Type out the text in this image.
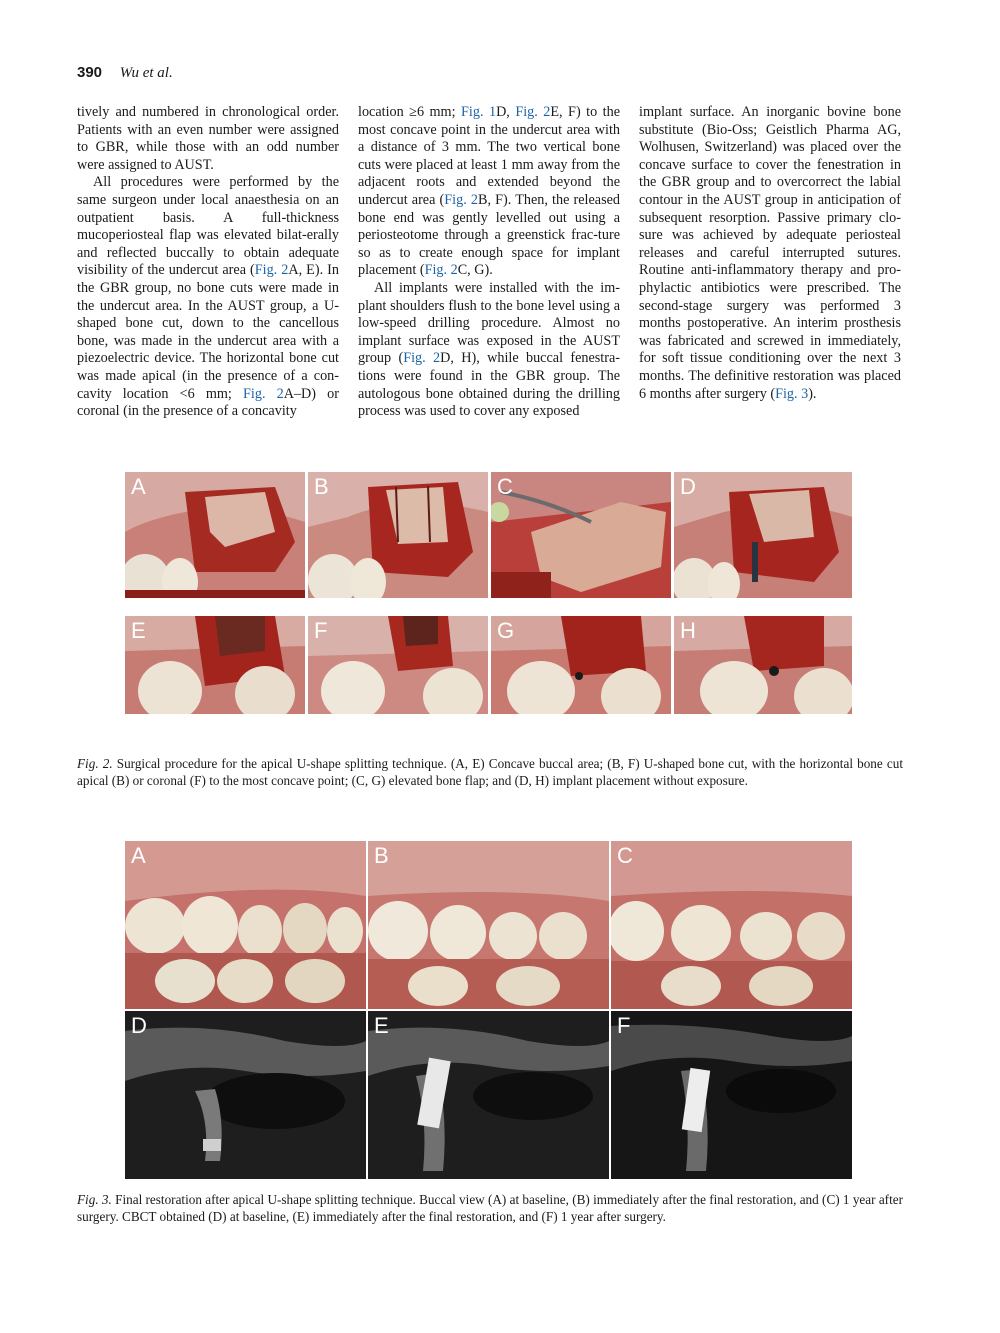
390 Wu et al.

tively and numbered in chronological order. Patients with an even number were assigned to GBR, while those with an odd number were assigned to AUST.

All procedures were performed by the same surgeon under local anaesthesia on an outpatient basis. A full-thickness mucoperiosteal flap was elevated bilat-erally and reflected buccally to obtain adequate visibility of the undercut area (Fig. 2A, E). In the GBR group, no bone cuts were made in the undercut area. In the AUST group, a U-shaped bone cut, down to the cancellous bone, was made in the undercut area with a piezoelectric device. The horizontal bone cut was made apical (in the presence of a con-cavity location <6 mm; Fig. 2A–D) or coronal (in the presence of a concavity

location ≥6 mm; Fig. 1D, Fig. 2E, F) to the most concave point in the undercut area with a distance of 3 mm. The two vertical bone cuts were placed at least 1 mm away from the adjacent roots and extended beyond the undercut area (Fig. 2B, F). Then, the released bone end was gently levelled out using a periosteotome through a greenstick frac-ture so as to create enough space for implant placement (Fig. 2C, G).

All implants were installed with the im-plant shoulders flush to the bone level using a low-speed drilling procedure. Almost no implant surface was exposed in the AUST group (Fig. 2D, H), while buccal fenestra-tions were found in the GBR group. The autologous bone obtained during the drilling process was used to cover any exposed

implant surface. An inorganic bovine bone substitute (Bio-Oss; Geistlich Pharma AG, Wolhusen, Switzerland) was placed over the concave surface to cover the fenestration in the GBR group and to overcorrect the labial contour in the AUST group in anticipation of subsequent resorption. Passive primary clo-sure was achieved by adequate periosteal releases and careful interrupted sutures. Routine anti-inflammatory therapy and pro-phylactic antibiotics were prescribed. The second-stage surgery was performed 3 months postoperative. An interim prosthesis was fabricated and screwed in immediately, for soft tissue conditioning over the next 3 months. The definitive restoration was placed 6 months after surgery (Fig. 3).

A	B	C	D
E	F	G	H
Fig. 2. Surgical procedure for the apical U-shape splitting technique. (A, E) Concave buccal area; (B, F) U-shaped bone cut, with the horizontal bone cut apical (B) or coronal (F) to the most concave point; (C, G) elevated bone flap; and (D, H) implant placement without exposure.
A	B	C
D	E	F
Fig. 3. Final restoration after apical U-shape splitting technique. Buccal view (A) at baseline, (B) immediately after the final restoration, and (C) 1 year after surgery. CBCT obtained (D) at baseline, (E) immediately after the final restoration, and (F) 1 year after surgery.
